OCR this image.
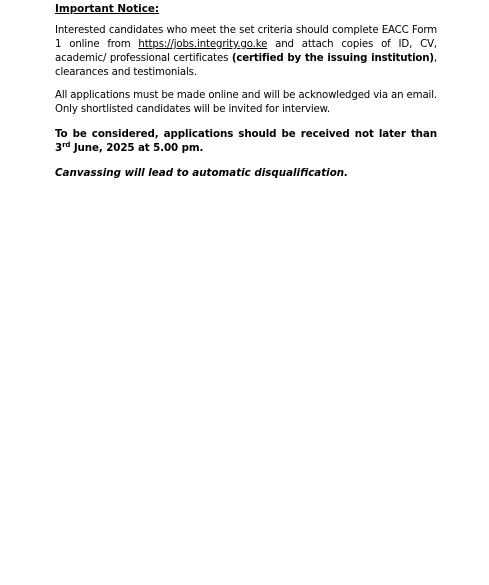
Important Notice:

Interested candidates who meet the set criteria should complete EACC Form 1 online from https://jobs.integrity.go.ke and attach copies of ID, CV, academic/ professional certificates (certified by the issuing institution), clearances and testimonials.

All applications must be made online and will be acknowledged via an email. Only shortlisted candidates will be invited for interview.

To be considered, applications should be received not later than 3rd June, 2025 at 5.00 pm.

Canvassing will lead to automatic disqualification.
